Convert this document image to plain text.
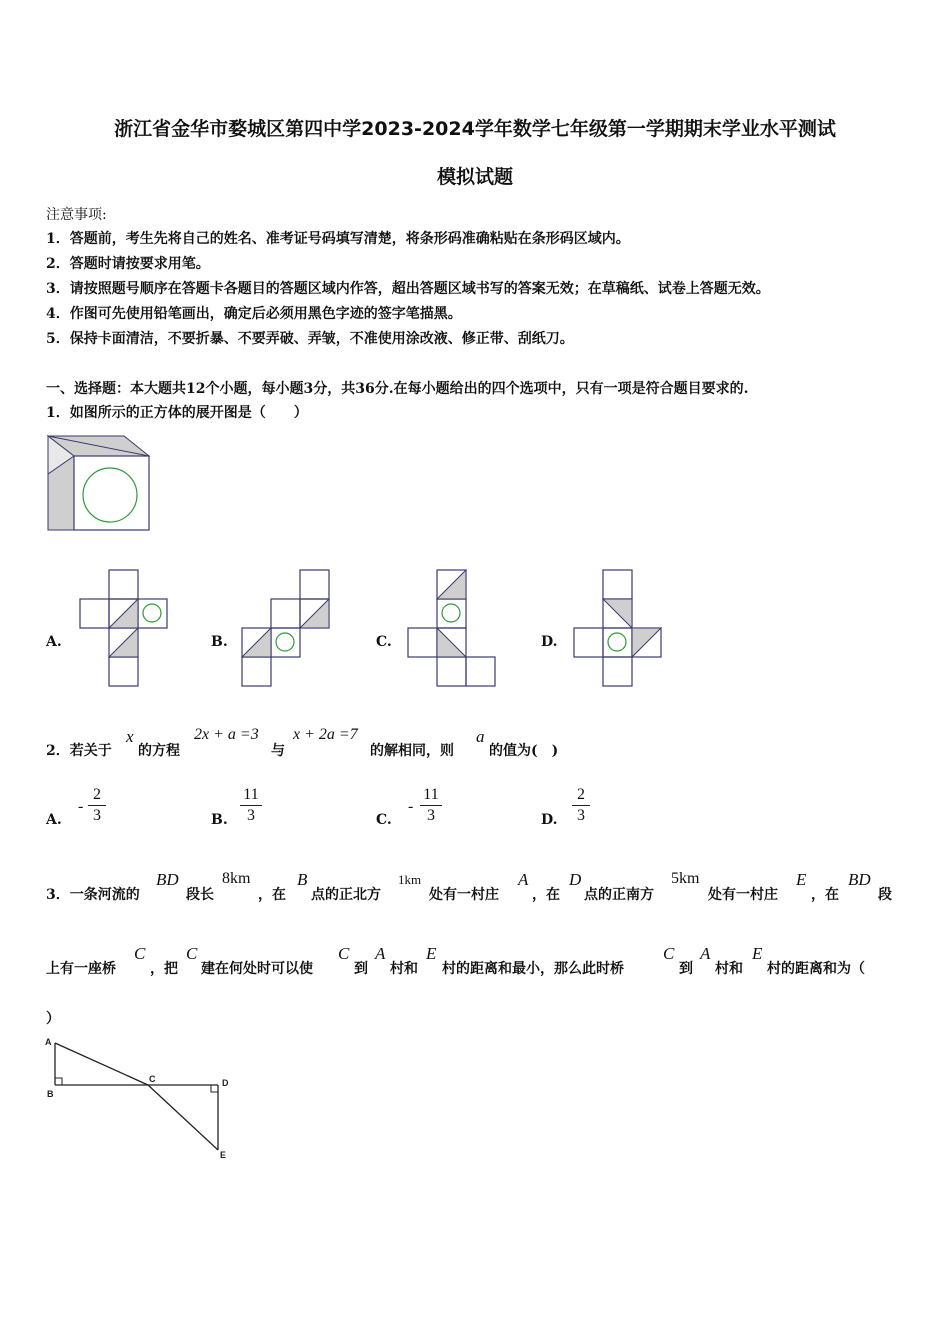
浙江省金华市婺城区第四中学2023-2024学年数学七年级第一学期期末学业水平测试
模拟试题
注意事项:
1．答题前，考生先将自己的姓名、准考证号码填写清楚，将条形码准确粘贴在条形码区域内。
2．答题时请按要求用笔。
3．请按照题号顺序在答题卡各题目的答题区域内作答，超出答题区域书写的答案无效；在草稿纸、试卷上答题无效。
4．作图可先使用铅笔画出，确定后必须用黑色字迹的签字笔描黑。
5．保持卡面清洁，不要折暴、不要弄破、弄皱，不准使用涂改液、修正带、刮纸刀。
一、选择题：本大题共12个小题，每小题3分，共36分.在每小题给出的四个选项中，只有一项是符合题目要求的.
1．如图所示的正方体的展开图是（　　）
A.	B.	C.	D.
2．若关于
x
的方程
2x + a =3
与
x + 2a =7
的解相同，则
a
的值为(　)
A.
-
2
3	B.
11
3	C.
-
11
3	D.
2
3
3．一条河流的
BD
段长
8km
，在
B
点的正北方
1km
处有一村庄
A
，在
D
点的正南方
5km
处有一村庄
E
，在
BD
段
上有一座桥
C
，把
C
建在何处时可以使
C
到
A
村和
E
村的距离和最小，那么此时桥
C
到
A
村和
E
村的距离和为（
）
A
B
C	D
E
